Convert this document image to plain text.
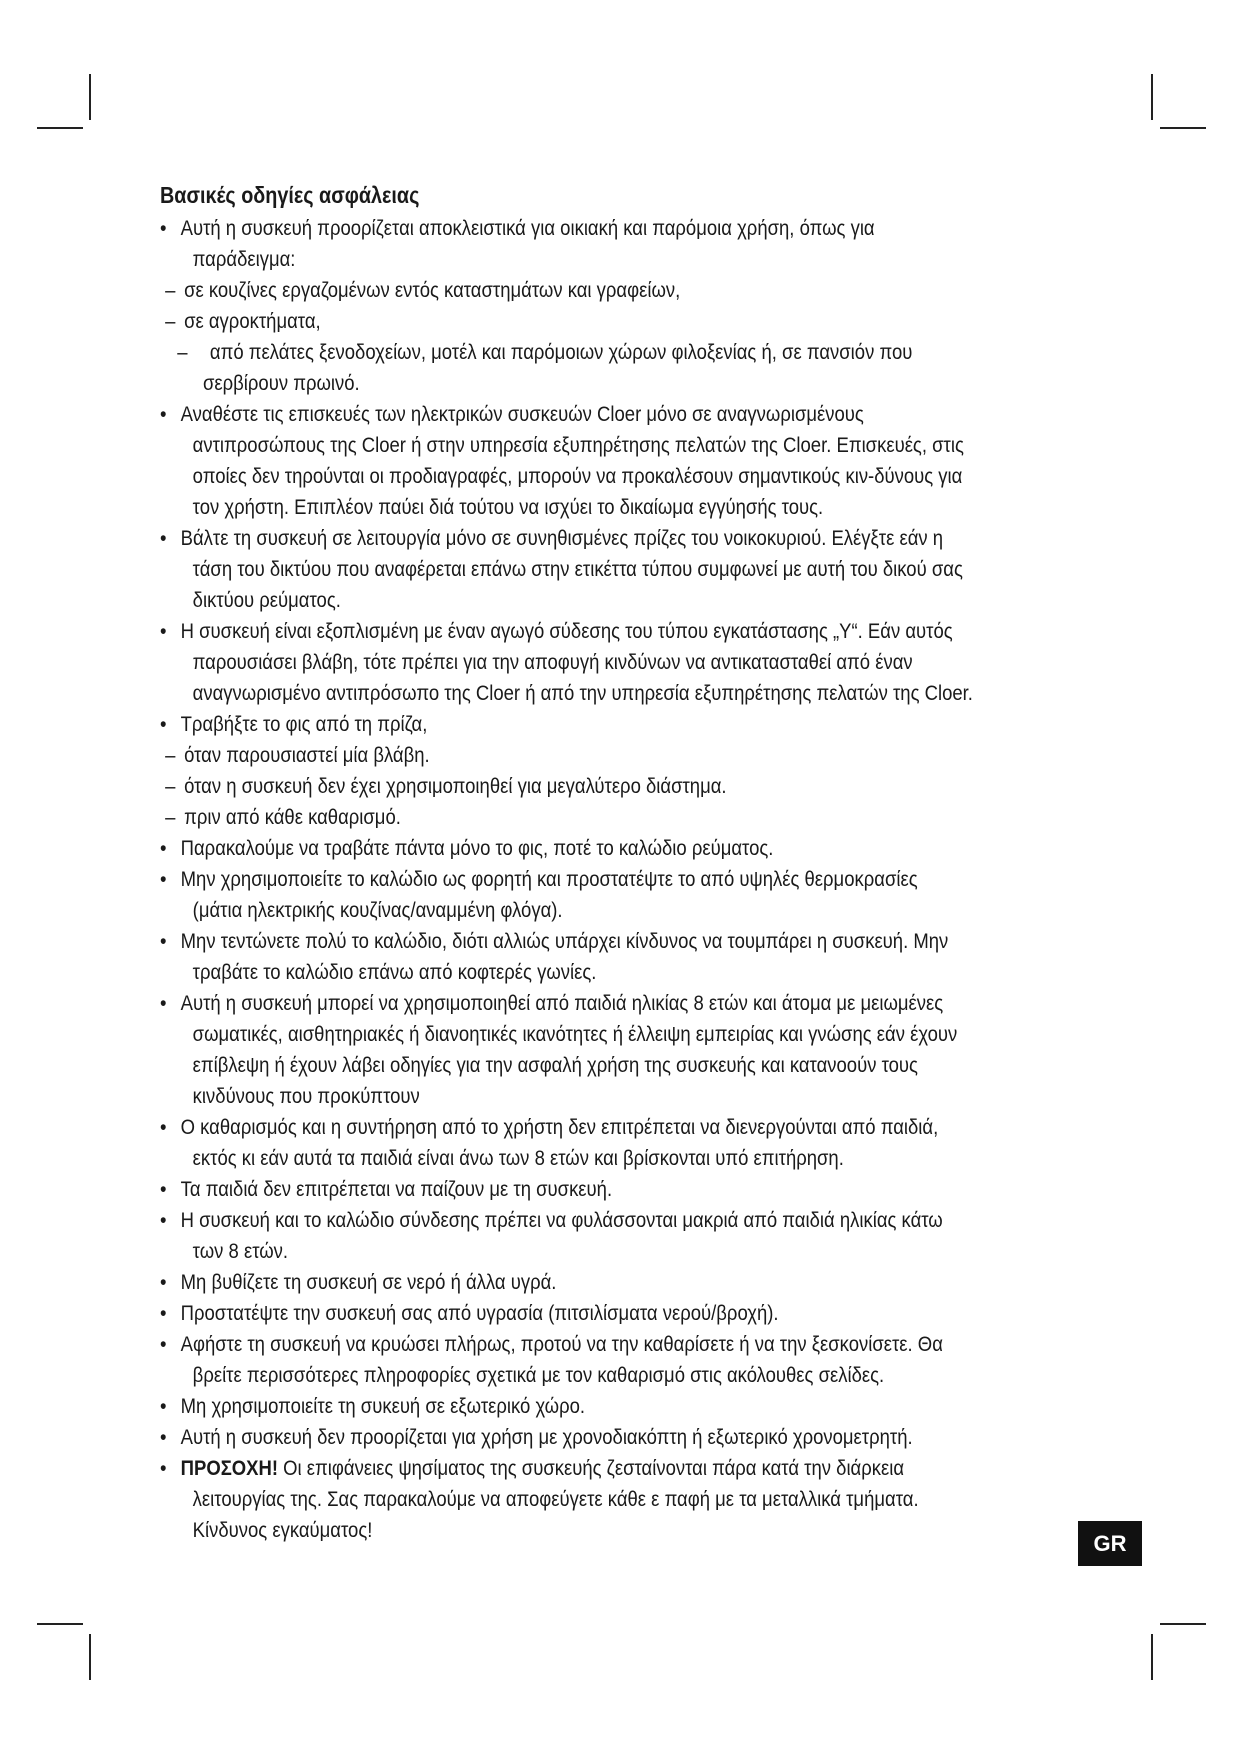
Βασικές οδηγίες ασφάλειας
• Αυτή η συσκευή προορίζεται αποκλειστικά για οικιακή και παρόμοια χρήση, όπως για
παράδειγμα:
– σε κουζίνες εργαζομένων εντός καταστημάτων και γραφείων,
– σε αγροκτήματα,
– από πελάτες ξενοδοχείων, μοτέλ και παρόμοιων χώρων φιλοξενίας ή, σε πανσιόν που
σερβίρουν πρωινό.
• Αναθέστε τις επισκευές των ηλεκτρικών συσκευών Cloer μόνο σε αναγνωρισμένους
αντιπροσώπους της Cloer ή στην υπηρεσία εξυπηρέτησης πελατών της Cloer. Επισκευές, στις
οποίες δεν τηρούνται οι προδιαγραφές, μπορούν να προκαλέσουν σημαντικούς κιν-δύνους για
τον χρήστη. Επιπλέον παύει διά τούτου να ισχύει το δικαίωμα εγγύησής τους.
• Βάλτε τη συσκευή σε λειτουργία μόνο σε συνηθισμένες πρίζες του νοικοκυριού. Ελέγξτε εάν η
τάση του δικτύου που αναφέρεται επάνω στην ετικέττα τύπου συμφωνεί με αυτή του δικού σας
δικτύου ρεύματος.
• Η συσκευή είναι εξοπλισμένη με έναν αγωγό σύδεσης του τύπου εγκατάστασης „Y“. Εάν αυτός
παρουσιάσει βλάβη, τότε πρέπει για την αποφυγή κινδύνων να αντικατασταθεί από έναν
αναγνωρισμένο αντιπρόσωπο της Cloer ή από την υπηρεσία εξυπηρέτησης πελατών της Cloer.
• Τραβήξτε το φις από τη πρίζα,
– όταν παρουσιαστεί μία βλάβη.
– όταν η συσκευή δεν έχει χρησιμοποιηθεί για μεγαλύτερο διάστημα.
– πριν από κάθε καθαρισμό.
• Παρακαλούμε να τραβάτε πάντα μόνο το φις, ποτέ το καλώδιο ρεύματος.
• Μην χρησιμοποιείτε το καλώδιο ως φορητή και προστατέψτε το από υψηλές θερμοκρασίες
(μάτια ηλεκτρικής κουζίνας/αναμμένη φλόγα).
• Μην τεντώνετε πολύ το καλώδιο, διότι αλλιώς υπάρχει κίνδυνος να τουμπάρει η συσκευή. Μην
τραβάτε το καλώδιο επάνω από κοφτερές γωνίες.
• Αυτή η συσκευή μπορεί να χρησιμοποιηθεί από παιδιά ηλικίας 8 ετών και άτομα με μειωμένες
σωματικές, αισθητηριακές ή διανοητικές ικανότητες ή έλλειψη εμπειρίας και γνώσης εάν έχουν
επίβλεψη ή έχουν λάβει οδηγίες για την ασφαλή χρήση της συσκευής και κατανοούν τους
κινδύνους που προκύπτουν
• Ο καθαρισμός και η συντήρηση από το χρήστη δεν επιτρέπεται να διενεργούνται από παιδιά,
εκτός κι εάν αυτά τα παιδιά είναι άνω των 8 ετών και βρίσκονται υπό επιτήρηση.
• Τα παιδιά δεν επιτρέπεται να παίζουν με τη συσκευή.
• Η συσκευή και το καλώδιο σύνδεσης πρέπει να φυλάσσονται μακριά από παιδιά ηλικίας κάτω
των 8 ετών.
• Μη βυθίζετε τη συσκευή σε νερό ή άλλα υγρά.
• Προστατέψτε την συσκευή σας από υγρασία (πιτσιλίσματα νερού/βροχή).
• Αφήστε τη συσκευή να κρυώσει πλήρως, προτού να την καθαρίσετε ή να την ξεσκονίσετε. Θα
βρείτε περισσότερες πληροφορίες σχετικά με τον καθαρισμό στις ακόλουθες σελίδες.
• Μη χρησιμοποιείτε τη συκευή σε εξωτερικό χώρο.
• Αυτή η συσκευή δεν προορίζεται για χρήση με χρονοδιακόπτη ή εξωτερικό χρονομετρητή.
• ΠΡΟΣΟΧΗ! Οι επιφάνειες ψησίματος της συσκευής ζεσταίνονται πάρα κατά την διάρκεια
λειτουργίας της. Σας παρακαλούμε να αποφεύγετε κάθε ε παφή με τα μεταλλικά τμήματα.
Κίνδυνος εγκαύματος!
GR
